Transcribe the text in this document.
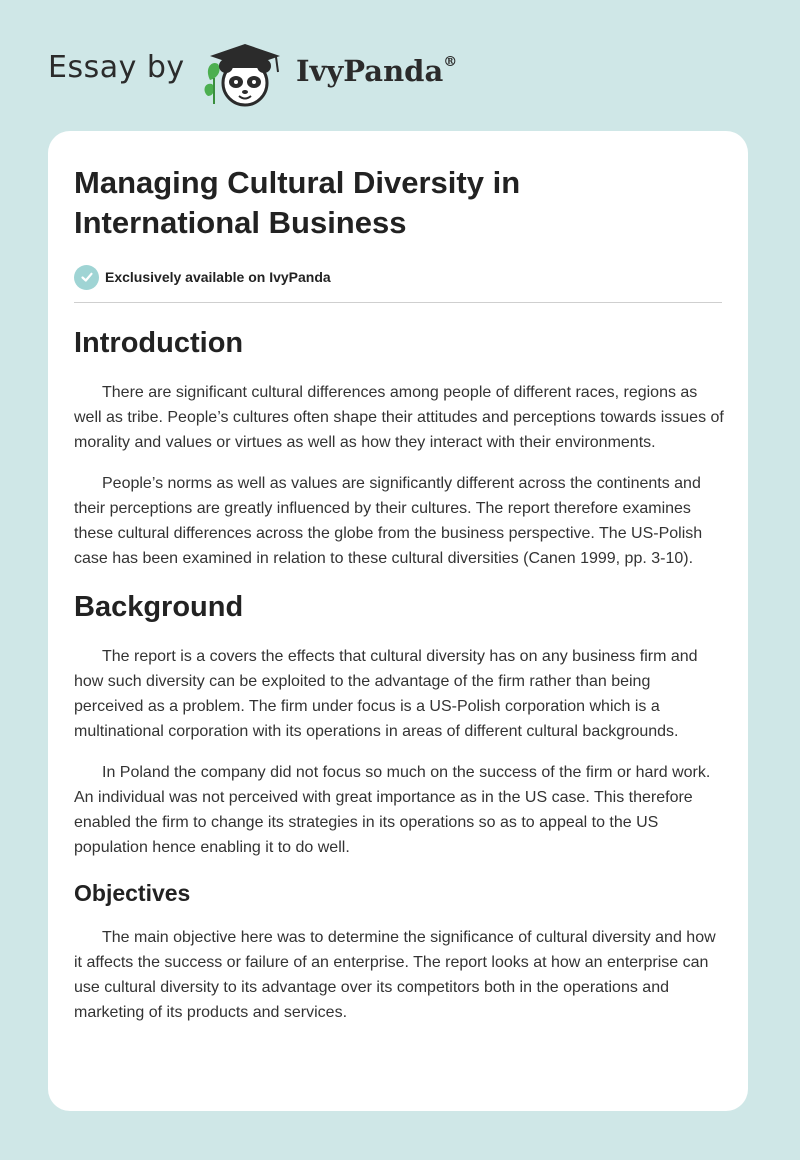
Essay by	IvyPanda®
Managing Cultural Diversity in International Business
Exclusively available on IvyPanda
Introduction

There are significant cultural differences among people of different races, regions as well as tribe. People’s cultures often shape their attitudes and perceptions towards issues of morality and values or virtues as well as how they interact with their environments.

People’s norms as well as values are significantly different across the continents and their perceptions are greatly influenced by their cultures. The report therefore examines these cultural differences across the globe from the business perspective. The US-Polish case has been examined in relation to these cultural diversities (Canen 1999, pp. 3-10).

Background

The report is a covers the effects that cultural diversity has on any business firm and how such diversity can be exploited to the advantage of the firm rather than being perceived as a problem. The firm under focus is a US-Polish corporation which is a multinational corporation with its operations in areas of different cultural backgrounds.

In Poland the company did not focus so much on the success of the firm or hard work. An individual was not perceived with great importance as in the US case. This therefore enabled the firm to change its strategies in its operations so as to appeal to the US population hence enabling it to do well.

Objectives

The main objective here was to determine the significance of cultural diversity and how it affects the success or failure of an enterprise. The report looks at how an enterprise can use cultural diversity to its advantage over its competitors both in the operations and marketing of its products and services.
